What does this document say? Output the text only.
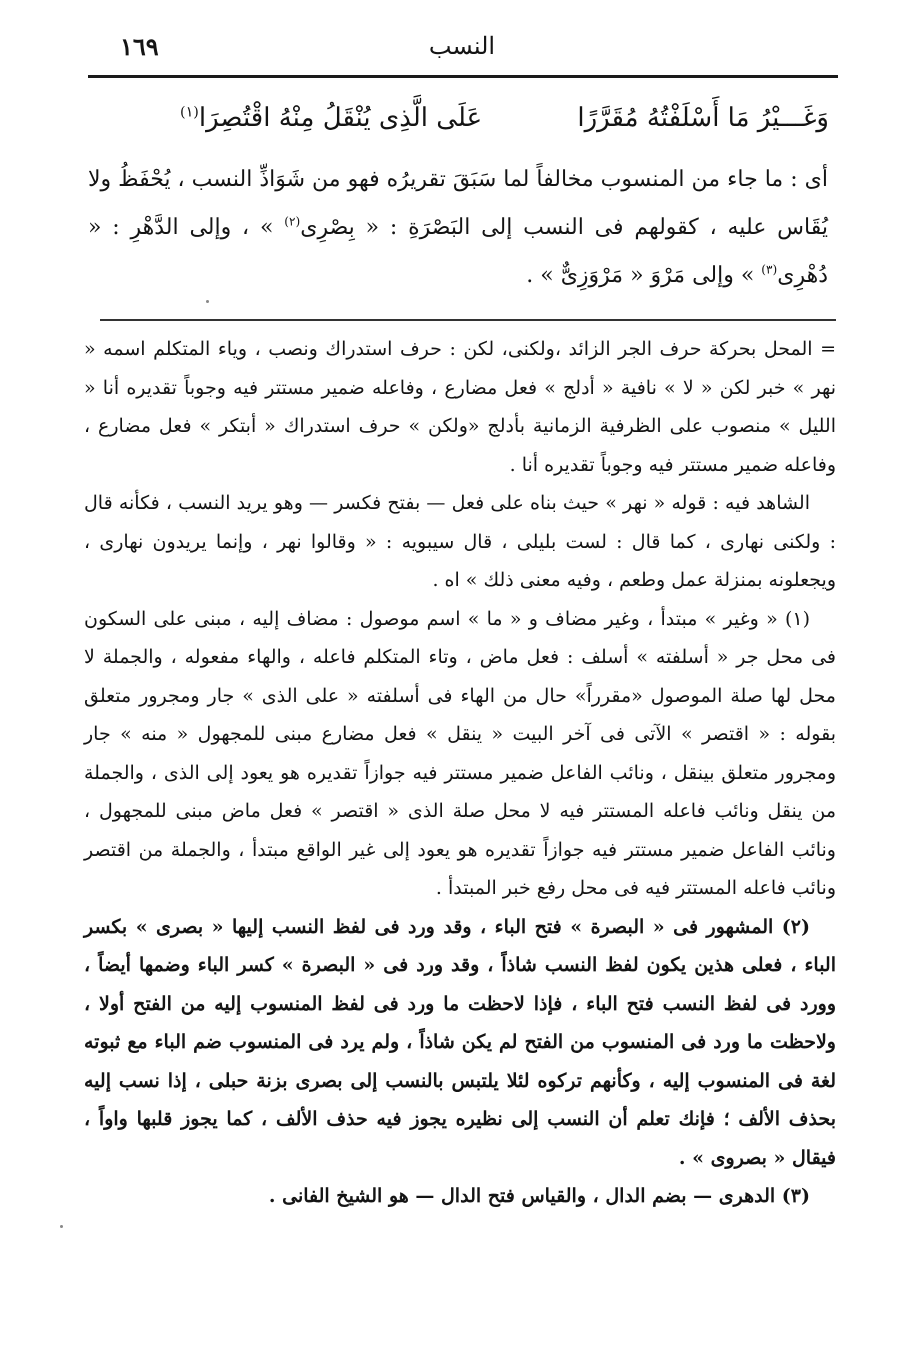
١٦٩	النسب
وَغَـــيْرُ مَا أَسْلَفْتُهُ مُقَرَّرًا
عَلَى الَّذِى يُنْقَلُ مِنْهُ اقْتُصِرَا$^{(١)}$

أى : ما جاء من المنسوب مخالفاً لما سَبَقَ تقريرُه فهو من شَوَاذِّ النسب ، يُحْفَظُ ولا يُقَاس عليه ، كقولهم فى النسب إلى البَصْرَةِ : « بِصْرِى$^{(٢)}$ » ، وإلى الدَّهْرِ : « دُهْرِى$^{(٣)}$ » وإلى مَرْوَ « مَرْوَزِىٌّ » .

= المحل بحركة حرف الجر الزائد ،ولكنى، لكن : حرف استدراك ونصب ، وياء المتكلم اسمه « نهر » خبر لكن « لا » نافية « أدلج » فعل مضارع ، وفاعله ضمير مستتر فيه وجوباً تقديره أنا « الليل » منصوب على الظرفية الزمانية بأدلج «ولكن » حرف استدراك « أبتكر » فعل مضارع ، وفاعله ضمير مستتر فيه وجوباً تقديره أنا .

الشاهد فيه : قوله « نهر » حيث بناه على فعل — بفتح فكسر — وهو يريد النسب ، فكأنه قال : ولكنى نهارى ، كما قال : لست بليلى ، قال سيبويه : « وقالوا نهر ، وإنما يريدون نهارى ، ويجعلونه بمنزلة عمل وطعم ، وفيه معنى ذلك » اه .

(١) « وغير » مبتدأ ، وغير مضاف و « ما » اسم موصول : مضاف إليه ، مبنى على السكون فى محل جر « أسلفته » أسلف : فعل ماض ، وتاء المتكلم فاعله ، والهاء مفعوله ، والجملة لا محل لها صلة الموصول «مقرراً» حال من الهاء فى أسلفته « على الذى » جار ومجرور متعلق بقوله : « اقتصر » الآتى فى آخر البيت « ينقل » فعل مضارع مبنى للمجهول « منه » جار ومجرور متعلق بينقل ، ونائب الفاعل ضمير مستتر فيه جوازاً تقديره هو يعود إلى الذى ، والجملة من ينقل ونائب فاعله المستتر فيه لا محل صلة الذى « اقتصر » فعل ماض مبنى للمجهول ، ونائب الفاعل ضمير مستتر فيه جوازاً تقديره هو يعود إلى غير الواقع مبتدأ ، والجملة من اقتصر ونائب فاعله المستتر فيه فى محل رفع خبر المبتدأ .

(٢) المشهور فى « البصرة » فتح الباء ، وقد ورد فى لفظ النسب إليها « بصرى » بكسر الباء ، فعلى هذين يكون لفظ النسب شاذاً ، وقد ورد فى « البصرة » كسر الباء وضمها أيضاً ، وورد فى لفظ النسب فتح الباء ، فإذا لاحظت ما ورد فى لفظ المنسوب إليه من الفتح أولا ، ولاحظت ما ورد فى المنسوب من الفتح لم يكن شاذاً ، ولم يرد فى المنسوب ضم الباء مع ثبوته لغة فى المنسوب إليه ، وكأنهم تركوه لئلا يلتبس بالنسب إلى بصرى بزنة حبلى ، إذا نسب إليه بحذف الألف ؛ فإنك تعلم أن النسب إلى نظيره يجوز فيه حذف الألف ، كما يجوز قلبها واواً ، فيقال « بصروى » .

(٣) الدهرى — بضم الدال ، والقياس فتح الدال — هو الشيخ الفانى .
